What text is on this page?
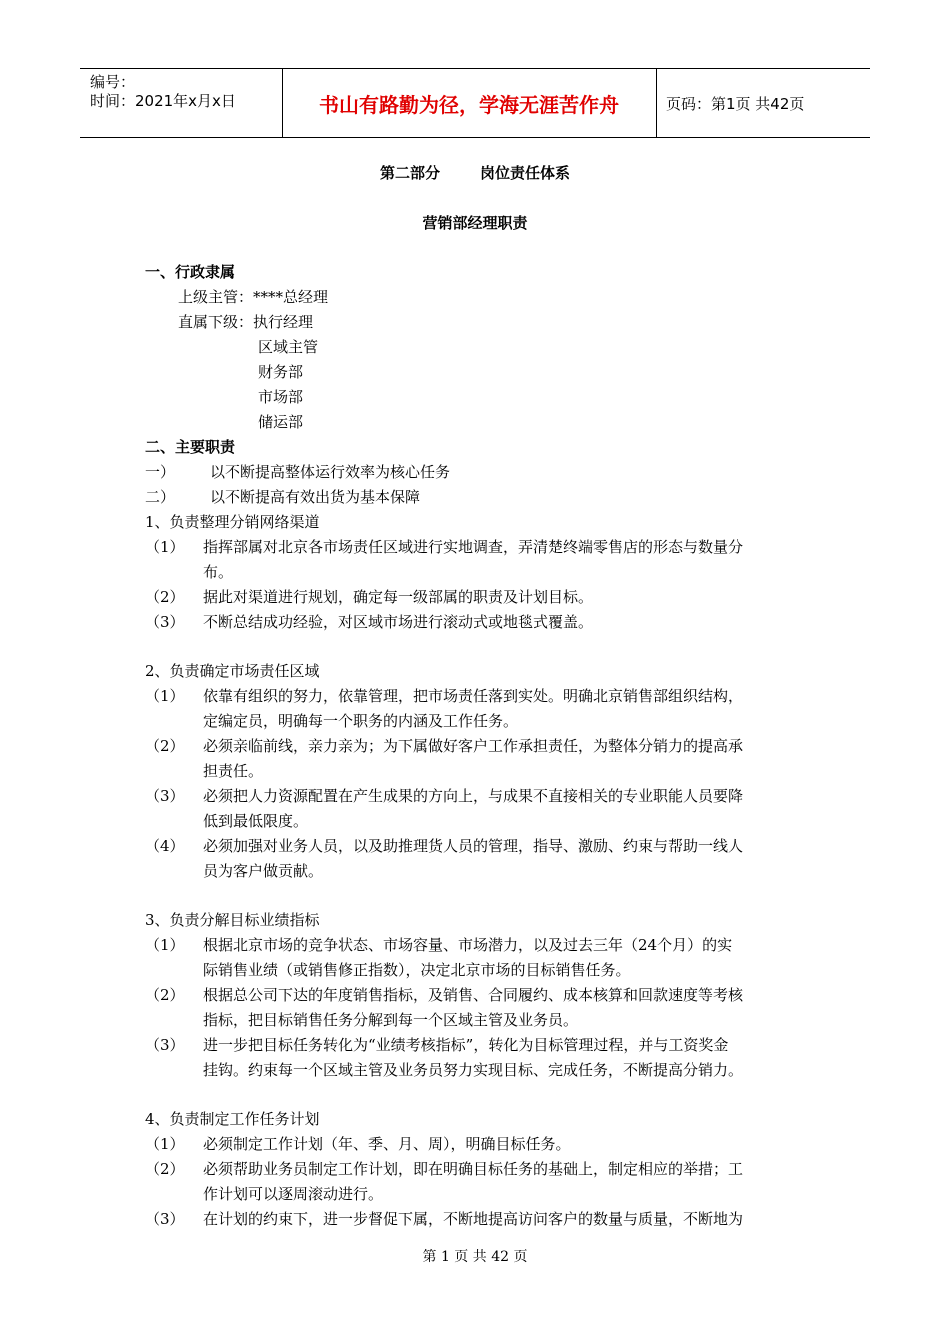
编号：
时间：2021年x月x日	书山有路勤为径，学海无涯苦作舟	页码：第1页 共42页
第二部分	岗位责任体系
营销部经理职责
一、行政隶属
上级主管：****总经理
直属下级：执行经理
区域主管
财务部
市场部
储运部
二、主要职责
一） 以不断提高整体运行效率为核心任务
二） 以不断提高有效出货为基本保障
1、负责整理分销网络渠道
（1） 指挥部属对北京各市场责任区域进行实地调查，弄清楚终端零售店的形态与数量分
布。
（2） 据此对渠道进行规划，确定每一级部属的职责及计划目标。
（3） 不断总结成功经验，对区域市场进行滚动式或地毯式覆盖。
2、负责确定市场责任区域
（1） 依靠有组织的努力，依靠管理，把市场责任落到实处。明确北京销售部组织结构，
定编定员，明确每一个职务的内涵及工作任务。
（2） 必须亲临前线，亲力亲为；为下属做好客户工作承担责任，为整体分销力的提高承
担责任。
（3） 必须把人力资源配置在产生成果的方向上，与成果不直接相关的专业职能人员要降
低到最低限度。
（4） 必须加强对业务人员，以及助推理货人员的管理，指导、激励、约束与帮助一线人
员为客户做贡献。
3、负责分解目标业绩指标
（1） 根据北京市场的竞争状态、市场容量、市场潜力，以及过去三年（24个月）的实
际销售业绩（或销售修正指数），决定北京市场的目标销售任务。
（2） 根据总公司下达的年度销售指标，及销售、合同履约、成本核算和回款速度等考核
指标，把目标销售任务分解到每一个区域主管及业务员。
（3） 进一步把目标任务转化为“业绩考核指标”，转化为目标管理过程，并与工资奖金
挂钩。约束每一个区域主管及业务员努力实现目标、完成任务，不断提高分销力。
4、负责制定工作任务计划
（1） 必须制定工作计划（年、季、月、周），明确目标任务。
（2） 必须帮助业务员制定工作计划，即在明确目标任务的基础上，制定相应的举措；工
作计划可以逐周滚动进行。
（3） 在计划的约束下，进一步督促下属，不断地提高访问客户的数量与质量，不断地为
第 1 页 共 42 页
